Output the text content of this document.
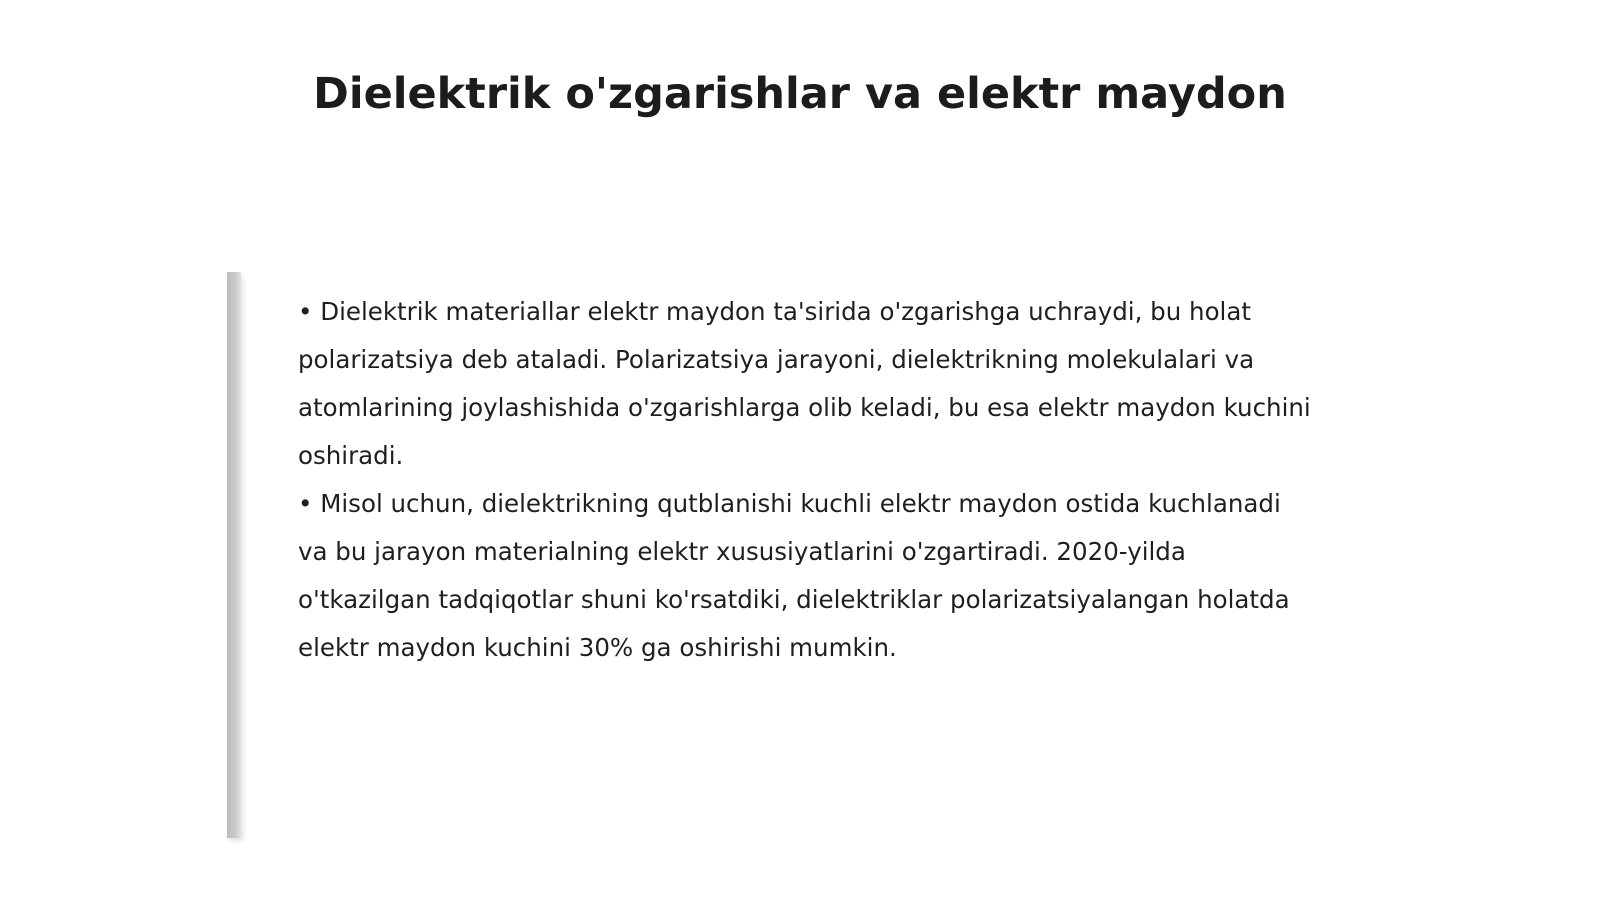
Dielektrik o'zgarishlar va elektr maydon

• Dielektrik materiallar elektr maydon ta'sirida o'zgarishga uchraydi, bu holat polarizatsiya deb ataladi. Polarizatsiya jarayoni, dielektrikning molekulalari va atomlarining joylashishida o'zgarishlarga olib keladi, bu esa elektr maydon kuchini oshiradi.

• Misol uchun, dielektrikning qutblanishi kuchli elektr maydon ostida kuchlanadi va bu jarayon materialning elektr xususiyatlarini o'zgartiradi. 2020-yilda o'tkazilgan tadqiqotlar shuni ko'rsatdiki, dielektriklar polarizatsiyalangan holatda elektr maydon kuchini 30% ga oshirishi mumkin.
